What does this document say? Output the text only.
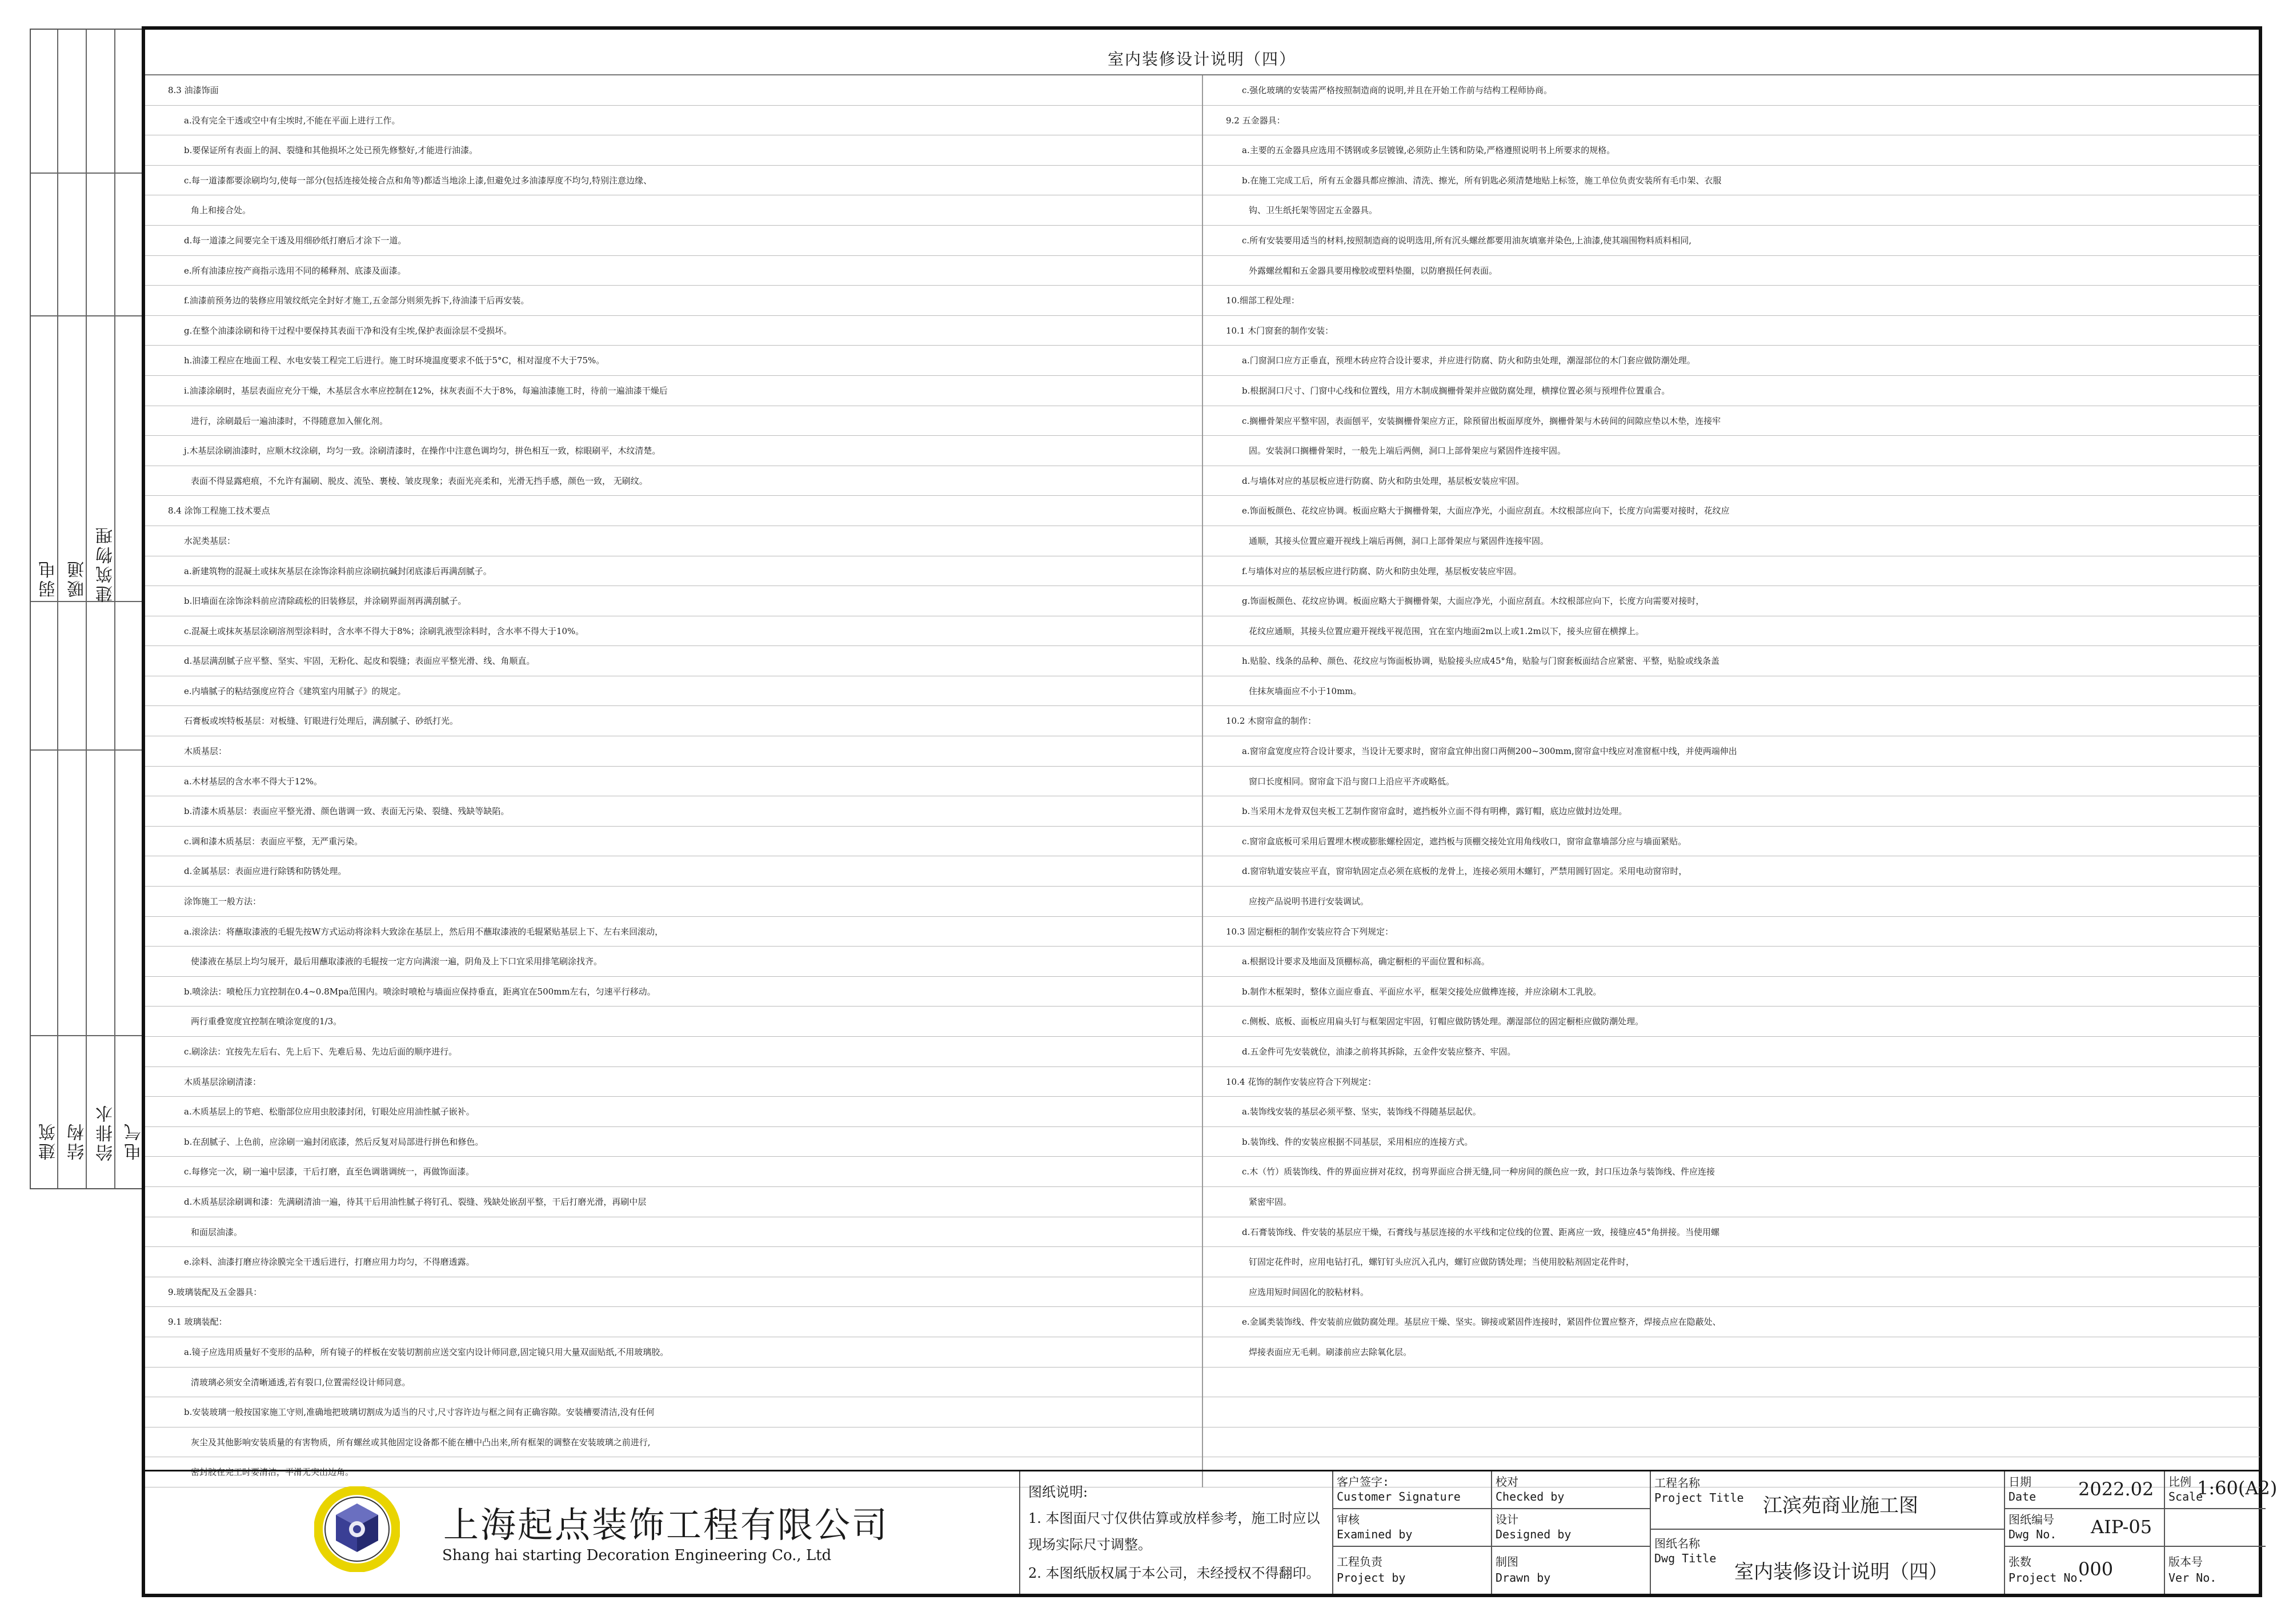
弱电 暖通 建筑物理
建筑 结构 给排水 电气
室内装修设计说明（四）
8.3 油漆饰面
a.没有完全干透或空中有尘埃时,不能在平面上进行工作。
b.要保证所有表面上的洞、裂缝和其他损坏之处已预先修整好,才能进行油漆。
c.每一道漆都要涂刷均匀,使每一部分(包括连接处接合点和角等)都适当地涂上漆,但避免过多油漆厚度不均匀,特别注意边缘、
角上和接合处。
d.每一道漆之间要完全干透及用细砂纸打磨后才涂下一道。
e.所有油漆应按产商指示选用不同的稀释剂、底漆及面漆。
f.油漆前预务边的装修应用皱纹纸完全封好才施工,五金部分则须先拆下,待油漆干后再安装。
g.在整个油漆涂刷和待干过程中要保持其表面干净和没有尘埃,保护表面涂层不受损坏。
h.油漆工程应在地面工程、水电安装工程完工后进行。施工时环境温度要求不低于5°C，相对湿度不大于75%。
i.油漆涂刷时，基层表面应充分干燥，木基层含水率应控制在12%，抹灰表面不大于8%，每遍油漆施工时，待前一遍油漆干燥后
进行，涂刷最后一遍油漆时，不得随意加入催化剂。
j.木基层涂刷油漆时，应顺木纹涂刷，均匀一致。涂刷清漆时，在操作中注意色调均匀，拼色相互一致，棕眼刷平，木纹清楚。
表面不得显露疤痕，不允许有漏刷、脱皮、流坠、裹棱、皱皮现象；表面光亮柔和，光滑无挡手感，颜色一致， 无刷纹。
8.4 涂饰工程施工技术要点
水泥类基层：
a.新建筑物的混凝土或抹灰基层在涂饰涂料前应涂刷抗碱封闭底漆后再满刮腻子。
b.旧墙面在涂饰涂料前应清除疏松的旧装修层，并涂刷界面剂再满刮腻子。
c.混凝土或抹灰基层涂刷溶剂型涂料时，含水率不得大于8%；涂刷乳液型涂料时，含水率不得大于10%。
d.基层满刮腻子应平整、坚实、牢固，无粉化、起皮和裂缝；表面应平整光滑、线、角顺直。
e.内墙腻子的粘结强度应符合《建筑室内用腻子》的规定。
石膏板或埃特板基层：对板缝、钉眼进行处理后，满刮腻子、砂纸打光。
木质基层：
a.木材基层的含水率不得大于12%。
b.清漆木质基层：表面应平整光滑、颜色谐调一致、表面无污染、裂缝、残缺等缺陷。
c.调和漆木质基层：表面应平整，无严重污染。
d.金属基层：表面应进行除锈和防锈处理。
涂饰施工一般方法：
a.滚涂法：将蘸取漆液的毛辊先按W方式运动将涂料大致涂在基层上，然后用不蘸取漆液的毛辊紧贴基层上下、左右来回滚动，
使漆液在基层上均匀展开，最后用蘸取漆液的毛辊按一定方向满滚一遍，阴角及上下口宜采用排笔刷涂找齐。
b.喷涂法：喷枪压力宜控制在0.4~0.8Mpa范围内。喷涂时喷枪与墙面应保持垂直，距离宜在500mm左右，匀速平行移动。
两行重叠宽度宜控制在喷涂宽度的1/3。
c.刷涂法：宜按先左后右、先上后下、先难后易、先边后面的顺序进行。
木质基层涂刷清漆：
a.木质基层上的节疤、松脂部位应用虫胶漆封闭，钉眼处应用油性腻子嵌补。
b.在刮腻子、上色前，应涂刷一遍封闭底漆，然后反复对局部进行拼色和修色。
c.每修完一次，刷一遍中层漆，干后打磨，直至色调谐调统一，再做饰面漆。
d.木质基层涂刷调和漆：先满刷清油一遍，待其干后用油性腻子将钉孔、裂缝、残缺处嵌刮平整，干后打磨光滑，再刷中层
和面层油漆。
e.涂料、油漆打磨应待涂膜完全干透后进行，打磨应用力均匀，不得磨透露。
9.玻璃装配及五金器具：
9.1 玻璃装配：
a.镜子应选用质量好不变形的品种，所有镜子的样板在安装切割前应送交室内设计师同意,固定镜只用大量双面贴纸,不用玻璃胶。
清玻璃必须安全清晰通透,若有裂口,位置需经设计师同意。
b.安装玻璃一般按国家施工守则,准确地把玻璃切割成为适当的尺寸,尺寸容许边与框之间有正确容隙。安装槽要清洁,没有任何
灰尘及其他影响安装质量的有害物质，所有螺丝或其他固定设备都不能在槽中凸出来,所有框架的调整在安装玻璃之前进行,
密封胶在完工时要清洁，平滑无突出边角。
c.强化玻璃的安装需严格按照制造商的说明,并且在开始工作前与结构工程师协商。
9.2 五金器具：
a.主要的五金器具应选用不锈钢或多层镀镍,必须防止生锈和防染,严格遵照说明书上所要求的规格。
b.在施工完成工后，所有五金器具都应擦油、清洗、擦光，所有钥匙必须清楚地贴上标签，施工单位负责安装所有毛巾架、衣服
钩、卫生纸托架等固定五金器具。
c.所有安装要用适当的材料,按照制造商的说明选用,所有沉头螺丝都要用油灰填塞并染色,上油漆,使其端围物料质料相同,
外露螺丝帽和五金器具要用橡胶或塑料垫圈，以防磨损任何表面。
10.细部工程处理：
10.1 木门窗套的制作安装：
a.门窗洞口应方正垂直，预埋木砖应符合设计要求，并应进行防腐、防火和防虫处理，潮湿部位的木门套应做防潮处理。
b.根据洞口尺寸、门窗中心线和位置线，用方木制成搁栅骨架并应做防腐处理，横撑位置必须与预埋件位置重合。
c.搁栅骨架应平整牢固，表面刨平，安装搁栅骨架应方正，除预留出板面厚度外，搁栅骨架与木砖间的间隙应垫以木垫，连接牢
固。安装洞口搁栅骨架时，一般先上端后两侧，洞口上部骨架应与紧固件连接牢固。
d.与墙体对应的基层板应进行防腐、防火和防虫处理，基层板安装应牢固。
e.饰面板颜色、花纹应协调。板面应略大于搁栅骨架，大面应净光，小面应刮直。木纹根部应向下，长度方向需要对接时，花纹应
通顺，其接头位置应避开视线上端后再侧，洞口上部骨架应与紧固件连接牢固。
f.与墙体对应的基层板应进行防腐、防火和防虫处理，基层板安装应牢固。
g.饰面板颜色、花纹应协调。板面应略大于搁栅骨架，大面应净光，小面应刮直。木纹根部应向下，长度方向需要对接时，
花纹应通顺，其接头位置应避开视线平视范围，宜在室内地面2m以上或1.2m以下，接头应留在横撑上。
h.贴脸、线条的品种、颜色、花纹应与饰面板协调，贴脸接头应成45°角，贴脸与门窗套板面结合应紧密、平整，贴脸或线条盖
住抹灰墙面应不小于10mm。
10.2 木窗帘盒的制作：
a.窗帘盒宽度应符合设计要求，当设计无要求时，窗帘盒宜伸出窗口两侧200~300mm,窗帘盒中线应对准窗框中线，并使两端伸出
窗口长度相同。窗帘盒下沿与窗口上沿应平齐或略低。
b.当采用木龙骨双包夹板工艺制作窗帘盒时，遮挡板外立面不得有明榫，露钉帽，底边应做封边处理。
c.窗帘盒底板可采用后置埋木楔或膨胀螺栓固定，遮挡板与顶棚交接处宜用角线收口，窗帘盒靠墙部分应与墙面紧贴。
d.窗帘轨道安装应平直，窗帘轨固定点必须在底板的龙骨上，连接必须用木螺钉，严禁用圆钉固定。采用电动窗帘时，
应按产品说明书进行安装调试。
10.3 固定橱柜的制作安装应符合下列规定：
a.根据设计要求及地面及顶棚标高，确定橱柜的平面位置和标高。
b.制作木框架时，整体立面应垂直、平面应水平，框架交接处应做榫连接，并应涂刷木工乳胶。
c.侧板、底板、面板应用扁头钉与框架固定牢固，钉帽应做防锈处理。潮湿部位的固定橱柜应做防潮处理。
d.五金件可先安装就位，油漆之前将其拆除，五金件安装应整齐、牢固。
10.4 花饰的制作安装应符合下列规定：
a.装饰线安装的基层必须平整、坚实，装饰线不得随基层起伏。
b.装饰线、件的安装应根据不同基层，采用相应的连接方式。
c.木（竹）质装饰线、件的界面应拼对花纹，拐弯界面应合拼无缝,同一种房间的颜色应一致，封口压边条与装饰线、件应连接
紧密牢固。
d.石膏装饰线、件安装的基层应干燥，石膏线与基层连接的水平线和定位线的位置、距离应一致，接缝应45°角拼接。当使用螺
钉固定花件时，应用电钻打孔，螺钉钉头应沉入孔内，螺钉应做防锈处理；当使用胶粘剂固定花件时，
应选用短时间固化的胶粘材料。
e.金属类装饰线、件安装前应做防腐处理。基层应干燥、坚实。铆接或紧固件连接时，紧固件位置应整齐，焊接点应在隐蔽处、
焊接表面应无毛刺。刷漆前应去除氧化层。
上海起点装饰工程有限公司
Shang hai starting Decoration Engineering Co., Ltd
图纸说明:
1. 本图面尺寸仅供估算或放样参考，施工时应以
现场实际尺寸调整。
2. 本图纸版权属于本公司，未经授权不得翻印。
客户签字:
Customer Signature
审核
Examined by
工程负责
Project by
校对
Checked by
设计
Designed by
制图
Drawn by
工程名称
Project Title 江滨苑商业施工图
图纸名称
Dwg Title
室内装修设计说明（四）
日期
Date 2022.02
图纸编号
Dwg No. AIP-05
张数
Project No.
000
比例
Scale
1:60(A2)
版本号
Ver No.
